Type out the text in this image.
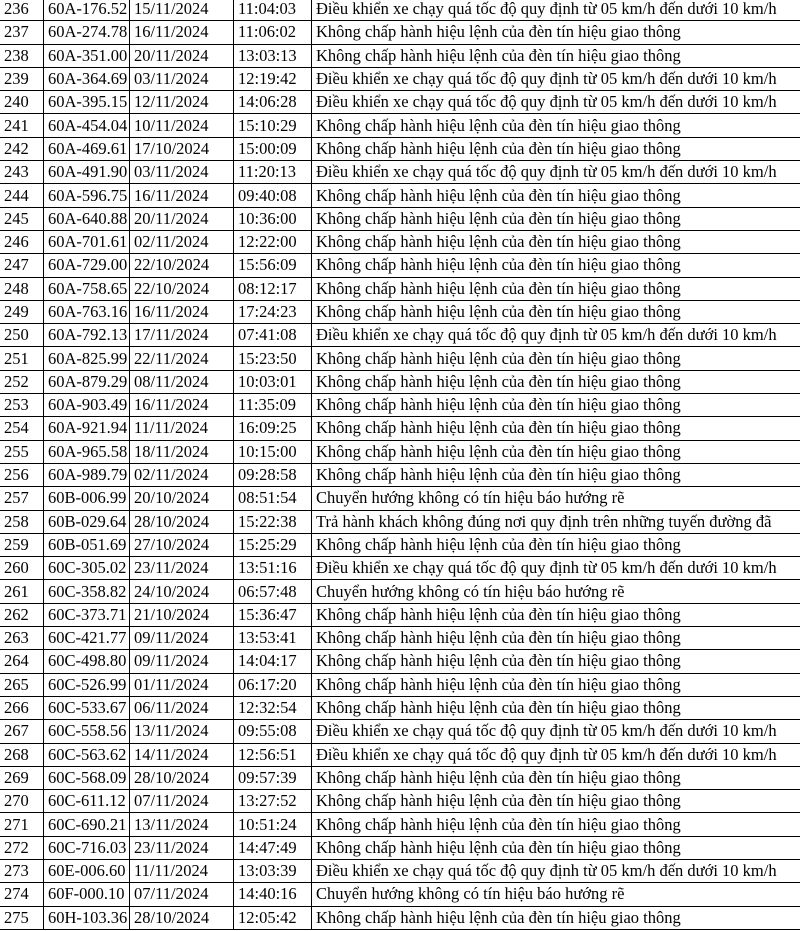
236	60A-176.52	15/11/2024	11:04:03	Điều khiển xe chạy quá tốc độ quy định từ 05 km/h đến dưới 10 km/h
237	60A-274.78	16/11/2024	11:06:02	Không chấp hành hiệu lệnh của đèn tín hiệu giao thông
238	60A-351.00	20/11/2024	13:03:13	Không chấp hành hiệu lệnh của đèn tín hiệu giao thông
239	60A-364.69	03/11/2024	12:19:42	Điều khiển xe chạy quá tốc độ quy định từ 05 km/h đến dưới 10 km/h
240	60A-395.15	12/11/2024	14:06:28	Điều khiển xe chạy quá tốc độ quy định từ 05 km/h đến dưới 10 km/h
241	60A-454.04	10/11/2024	15:10:29	Không chấp hành hiệu lệnh của đèn tín hiệu giao thông
242	60A-469.61	17/10/2024	15:00:09	Không chấp hành hiệu lệnh của đèn tín hiệu giao thông
243	60A-491.90	03/11/2024	11:20:13	Điều khiển xe chạy quá tốc độ quy định từ 05 km/h đến dưới 10 km/h
244	60A-596.75	16/11/2024	09:40:08	Không chấp hành hiệu lệnh của đèn tín hiệu giao thông
245	60A-640.88	20/11/2024	10:36:00	Không chấp hành hiệu lệnh của đèn tín hiệu giao thông
246	60A-701.61	02/11/2024	12:22:00	Không chấp hành hiệu lệnh của đèn tín hiệu giao thông
247	60A-729.00	22/10/2024	15:56:09	Không chấp hành hiệu lệnh của đèn tín hiệu giao thông
248	60A-758.65	22/10/2024	08:12:17	Không chấp hành hiệu lệnh của đèn tín hiệu giao thông
249	60A-763.16	16/11/2024	17:24:23	Không chấp hành hiệu lệnh của đèn tín hiệu giao thông
250	60A-792.13	17/11/2024	07:41:08	Điều khiển xe chạy quá tốc độ quy định từ 05 km/h đến dưới 10 km/h
251	60A-825.99	22/11/2024	15:23:50	Không chấp hành hiệu lệnh của đèn tín hiệu giao thông
252	60A-879.29	08/11/2024	10:03:01	Không chấp hành hiệu lệnh của đèn tín hiệu giao thông
253	60A-903.49	16/11/2024	11:35:09	Không chấp hành hiệu lệnh của đèn tín hiệu giao thông
254	60A-921.94	11/11/2024	16:09:25	Không chấp hành hiệu lệnh của đèn tín hiệu giao thông
255	60A-965.58	18/11/2024	10:15:00	Không chấp hành hiệu lệnh của đèn tín hiệu giao thông
256	60A-989.79	02/11/2024	09:28:58	Không chấp hành hiệu lệnh của đèn tín hiệu giao thông
257	60B-006.99	20/10/2024	08:51:54	Chuyển hướng không có tín hiệu báo hướng rẽ
258	60B-029.64	28/10/2024	15:22:38	Trả hành khách không đúng nơi quy định trên những tuyến đường đã
259	60B-051.69	27/10/2024	15:25:29	Không chấp hành hiệu lệnh của đèn tín hiệu giao thông
260	60C-305.02	23/11/2024	13:51:16	Điều khiển xe chạy quá tốc độ quy định từ 05 km/h đến dưới 10 km/h
261	60C-358.82	24/10/2024	06:57:48	Chuyển hướng không có tín hiệu báo hướng rẽ
262	60C-373.71	21/10/2024	15:36:47	Không chấp hành hiệu lệnh của đèn tín hiệu giao thông
263	60C-421.77	09/11/2024	13:53:41	Không chấp hành hiệu lệnh của đèn tín hiệu giao thông
264	60C-498.80	09/11/2024	14:04:17	Không chấp hành hiệu lệnh của đèn tín hiệu giao thông
265	60C-526.99	01/11/2024	06:17:20	Không chấp hành hiệu lệnh của đèn tín hiệu giao thông
266	60C-533.67	06/11/2024	12:32:54	Không chấp hành hiệu lệnh của đèn tín hiệu giao thông
267	60C-558.56	13/11/2024	09:55:08	Điều khiển xe chạy quá tốc độ quy định từ 05 km/h đến dưới 10 km/h
268	60C-563.62	14/11/2024	12:56:51	Điều khiển xe chạy quá tốc độ quy định từ 05 km/h đến dưới 10 km/h
269	60C-568.09	28/10/2024	09:57:39	Không chấp hành hiệu lệnh của đèn tín hiệu giao thông
270	60C-611.12	07/11/2024	13:27:52	Không chấp hành hiệu lệnh của đèn tín hiệu giao thông
271	60C-690.21	13/11/2024	10:51:24	Không chấp hành hiệu lệnh của đèn tín hiệu giao thông
272	60C-716.03	23/11/2024	14:47:49	Không chấp hành hiệu lệnh của đèn tín hiệu giao thông
273	60E-006.60	11/11/2024	13:03:39	Điều khiển xe chạy quá tốc độ quy định từ 05 km/h đến dưới 10 km/h
274	60F-000.10	07/11/2024	14:40:16	Chuyển hướng không có tín hiệu báo hướng rẽ
275	60H-103.36	28/10/2024	12:05:42	Không chấp hành hiệu lệnh của đèn tín hiệu giao thông
